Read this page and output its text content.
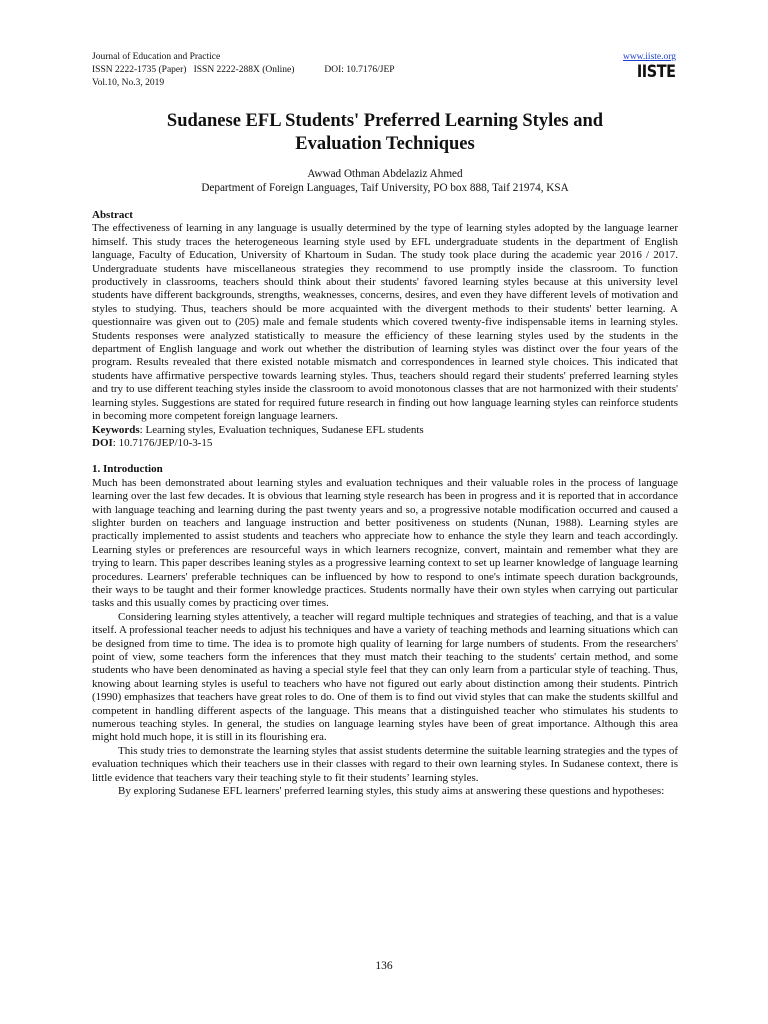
Journal of Education and Practice
ISSN 2222-1735 (Paper)   ISSN 2222-288X (Online)	DOI: 10.7176/JEP
Vol.10, No.3, 2019
www.iiste.org
IISTE
Sudanese EFL Students' Preferred Learning Styles and
Evaluation Techniques
Awwad Othman Abdelaziz Ahmed
Department of Foreign Languages, Taif University, PO box 888, Taif 21974, KSA
Abstract

The effectiveness of learning in any language is usually determined by the type of learning styles adopted by the language learner himself. This study traces the heterogeneous learning style used by EFL undergraduate students in the department of English language, Faculty of Education, University of Khartoum in Sudan. The study took place during the academic year 2016 / 2017. Undergraduate students have miscellaneous strategies they recommend to use promptly inside the classroom. To function productively in classrooms, teachers should think about their students' favored learning styles because at this university level students have different backgrounds, strengths, weaknesses, concerns, desires, and even they have different levels of motivation and styles to studying. Thus, teachers should be more acquainted with the divergent methods to their students' better learning. A questionnaire was given out to (205) male and female students which covered twenty-five indispensable items in learning styles. Students responses were analyzed statistically to measure the efficiency of these learning styles used by the students in the department of English language and work out whether the distribution of learning styles was distinct over the four years of the program. Results revealed that there existed notable mismatch and correspondences in learned style choices. This indicated that students have affirmative perspective towards learning styles. Thus, teachers should regard their students' preferred learning styles and try to use different teaching styles inside the classroom to avoid monotonous classes that are not harmonized with their students' learning styles. Suggestions are stated for required future research in finding out how language learning styles can reinforce students in becoming more competent foreign language learners.

Keywords: Learning styles, Evaluation techniques, Sudanese EFL students
DOI: 10.7176/JEP/10-3-15
1. Introduction

Much has been demonstrated about learning styles and evaluation techniques and their valuable roles in the process of language learning over the last few decades. It is obvious that learning style research has been in progress and it is reported that in accordance with language teaching and learning during the past twenty years and so, a progressive notable modification occurred and caused a slighter burden on teachers and language instruction and better positiveness on students (Nunan, 1988). Learning styles are practically implemented to assist students and teachers who appreciate how to enhance the style they learn and teach accordingly. Learning styles or preferences are resourceful ways in which learners recognize, convert, maintain and remember what they are trying to learn. This paper describes leaning styles as a progressive learning context to set up learner knowledge of language learning procedures. Learners' preferable techniques can be influenced by how to respond to one's intimate speech duration backgrounds, their ways to be taught and their former knowledge practices. Students normally have their own styles when carrying out particular tasks and this usually comes by practicing over times.

Considering learning styles attentively, a teacher will regard multiple techniques and strategies of teaching, and that is a value itself. A professional teacher needs to adjust his techniques and have a variety of teaching methods and learning situations which can be designed from time to time. The idea is to promote high quality of learning for large numbers of students. From the researchers' point of view, some teachers form the inferences that they must match their teaching to the students' certain method, and some students who have been denominated as having a special style feel that they can only learn from a particular style of teaching. Thus, knowing about learning styles is useful to teachers who have not figured out early about distinction among their students. Pintrich (1990) emphasizes that teachers have great roles to do. One of them is to find out vivid styles that can make the students skillful and competent in handling different aspects of the language. This means that a distinguished teacher who stimulates his students to numerous teaching styles. In general, the studies on language learning styles have been of great importance. Although this area might hold much hope, it is still in its flourishing era.

This study tries to demonstrate the learning styles that assist students determine the suitable learning strategies and the types of evaluation techniques which their teachers use in their classes with regard to their own learning styles. In Sudanese context, there is little evidence that teachers vary their teaching style to fit their students’ learning styles.

By exploring Sudanese EFL learners' preferred learning styles, this study aims at answering these questions and hypotheses:

136
